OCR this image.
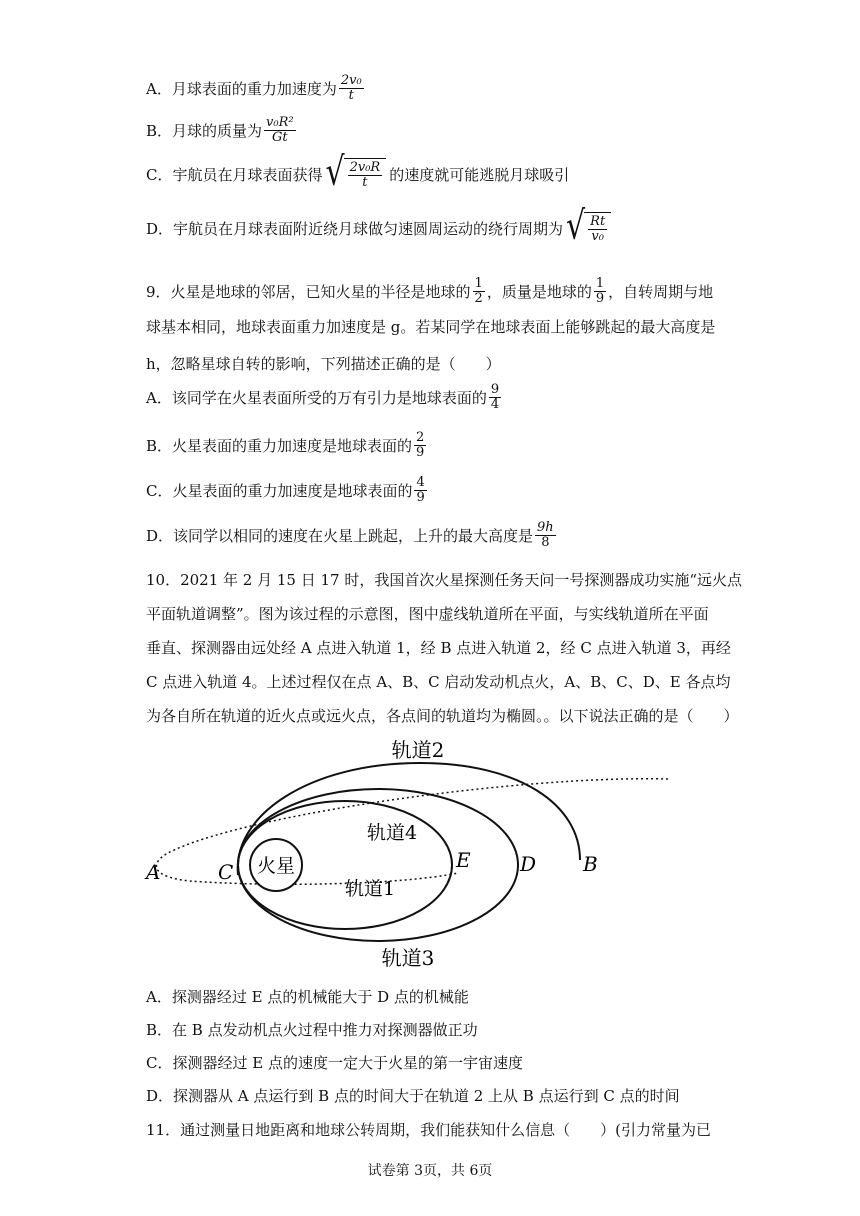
A．月球表面的重力加速度为 $\frac{\text{2v₀}}{t}$
B．月球的质量为 $\frac{\text{v₀R²}}{Gt}$
C．宇航员在月球表面获得 √ $\frac{\text{2v₀R}}{t}$ 的速度就可能逃脱月球吸引
D．宇航员在月球表面附近绕月球做匀速圆周运动的绕行周期为 √ $\frac{Rt}{\text{v₀}}$
9．火星是地球的邻居，已知火星的半径是地球的 $\frac{1}{2}$ ，质量是地球的 $\frac{1}{9}$ ，自转周期与地
球基本相同，地球表面重力加速度是 g。若某同学在地球表面上能够跳起的最大高度是
h，忽略星球自转的影响，下列描述正确的是（　　）
A．该同学在火星表面所受的万有引力是地球表面的 $\frac{9}{4}$
B．火星表面的重力加速度是地球表面的 $\frac{2}{9}$
C．火星表面的重力加速度是地球表面的 $\frac{4}{9}$
D．该同学以相同的速度在火星上跳起，上升的最大高度是 $\frac{9h}{8}$
10．2021 年 2 月 15 日 17 时，我国首次火星探测任务天问一号探测器成功实施“远火点
平面轨道调整”。图为该过程的示意图，图中虚线轨道所在平面，与实线轨道所在平面
垂直、探测器由远处经 A 点进入轨道 1，经 B 点进入轨道 2，经 C 点进入轨道 3，再经
C 点进入轨道 4。上述过程仅在点 A、B、C 启动发动机点火，A、B、C、D、E 各点均
为各自所在轨道的近火点或远火点，各点间的轨道均为椭圆。。以下说法正确的是（　　）
火星
轨道2
轨道4
轨道1
轨道3
A	C	E D B
A．探测器经过 E 点的机械能大于 D 点的机械能
B．在 B 点发动机点火过程中推力对探测器做正功
C．探测器经过 E 点的速度一定大于火星的第一宇宙速度
D．探测器从 A 点运行到 B 点的时间大于在轨道 2 上从 B 点运行到 C 点的时间
11．通过测量日地距离和地球公转周期，我们能获知什么信息（　　）(引力常量为已
试卷第 3页，共 6页
